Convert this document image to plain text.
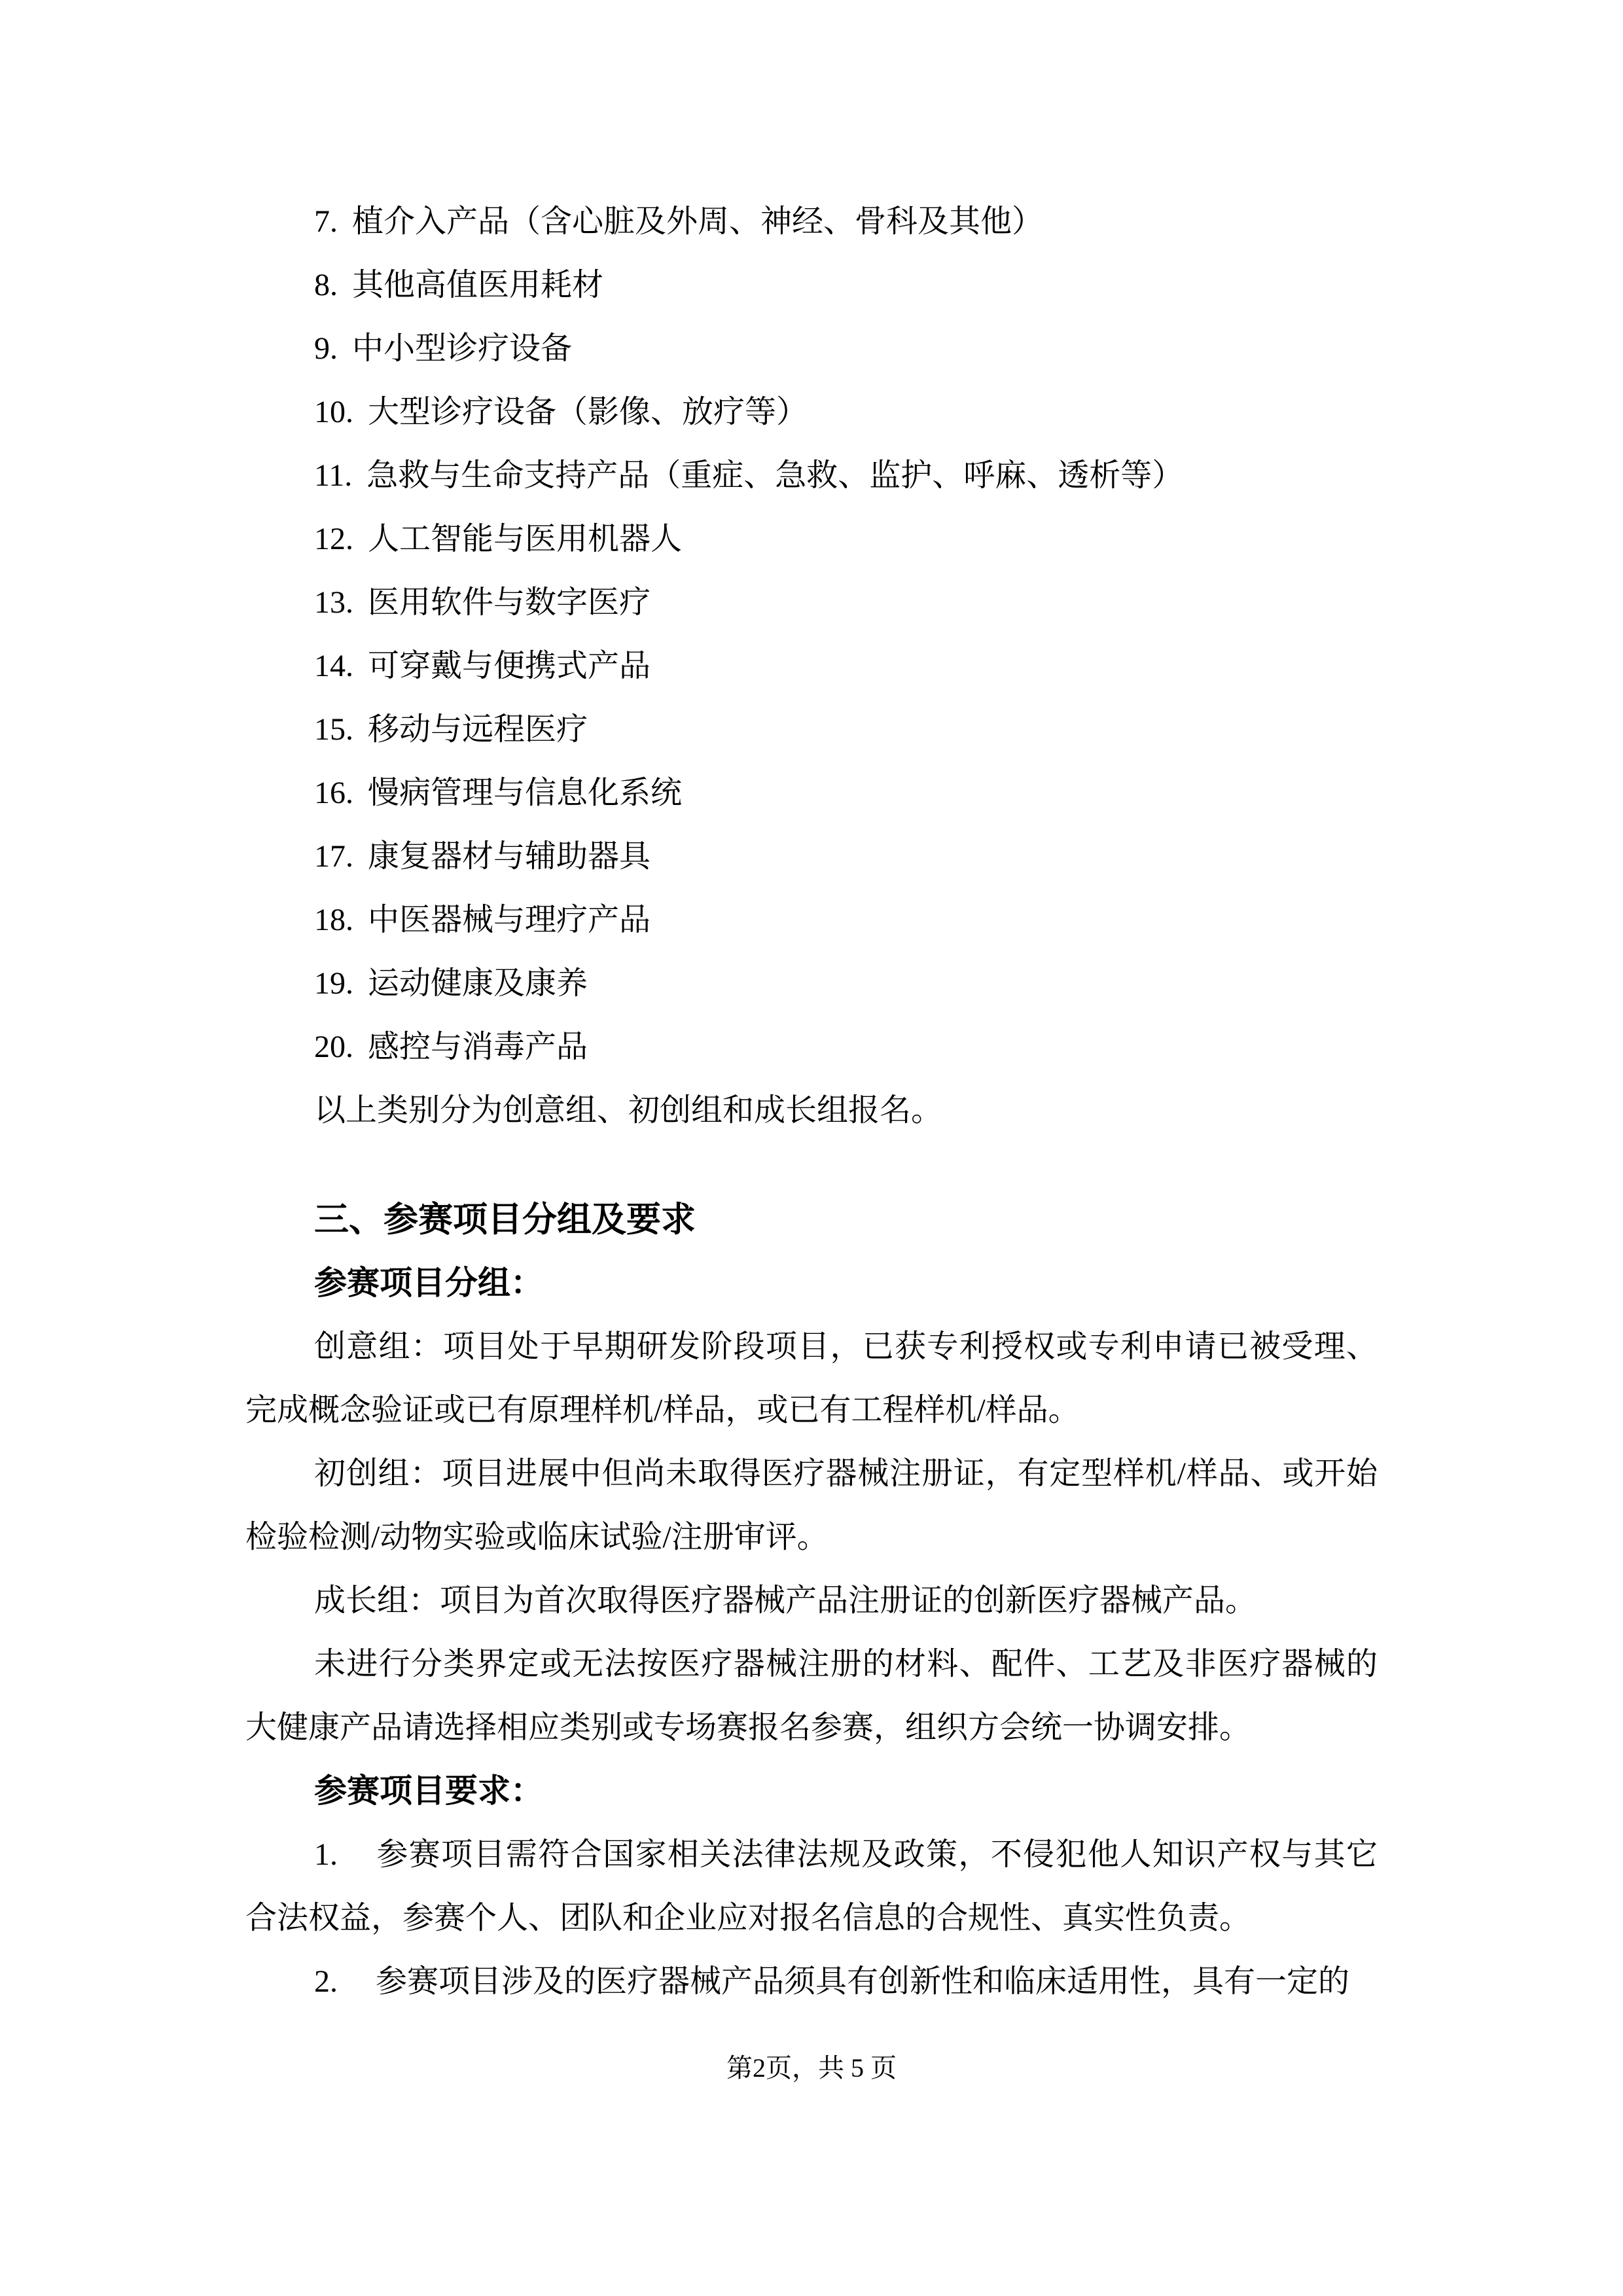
7. 植介入产品（含心脏及外周、神经、骨科及其他）

8. 其他高值医用耗材

9. 中小型诊疗设备

10. 大型诊疗设备（影像、放疗等）

11. 急救与生命支持产品（重症、急救、监护、呼麻、透析等）

12. 人工智能与医用机器人

13. 医用软件与数字医疗

14. 可穿戴与便携式产品

15. 移动与远程医疗

16. 慢病管理与信息化系统

17. 康复器材与辅助器具

18. 中医器械与理疗产品

19. 运动健康及康养

20. 感控与消毒产品

以上类别分为创意组、初创组和成长组报名。

三、参赛项目分组及要求
参赛项目分组：

创意组：项目处于早期研发阶段项目，已获专利授权或专利申请已被受理、完成概念验证或已有原理样机/样品，或已有工程样机/样品。

初创组：项目进展中但尚未取得医疗器械注册证，有定型样机/样品、或开始检验检测/动物实验或临床试验/注册审评。

成长组：项目为首次取得医疗器械产品注册证的创新医疗器械产品。

未进行分类界定或无法按医疗器械注册的材料、配件、工艺及非医疗器械的大健康产品请选择相应类别或专场赛报名参赛，组织方会统一协调安排。

参赛项目要求：

1. 参赛项目需符合国家相关法律法规及政策，不侵犯他人知识产权与其它合法权益，参赛个人、团队和企业应对报名信息的合规性、真实性负责。

2. 参赛项目涉及的医疗器械产品须具有创新性和临床适用性，具有一定的

第2页，共 5 页
